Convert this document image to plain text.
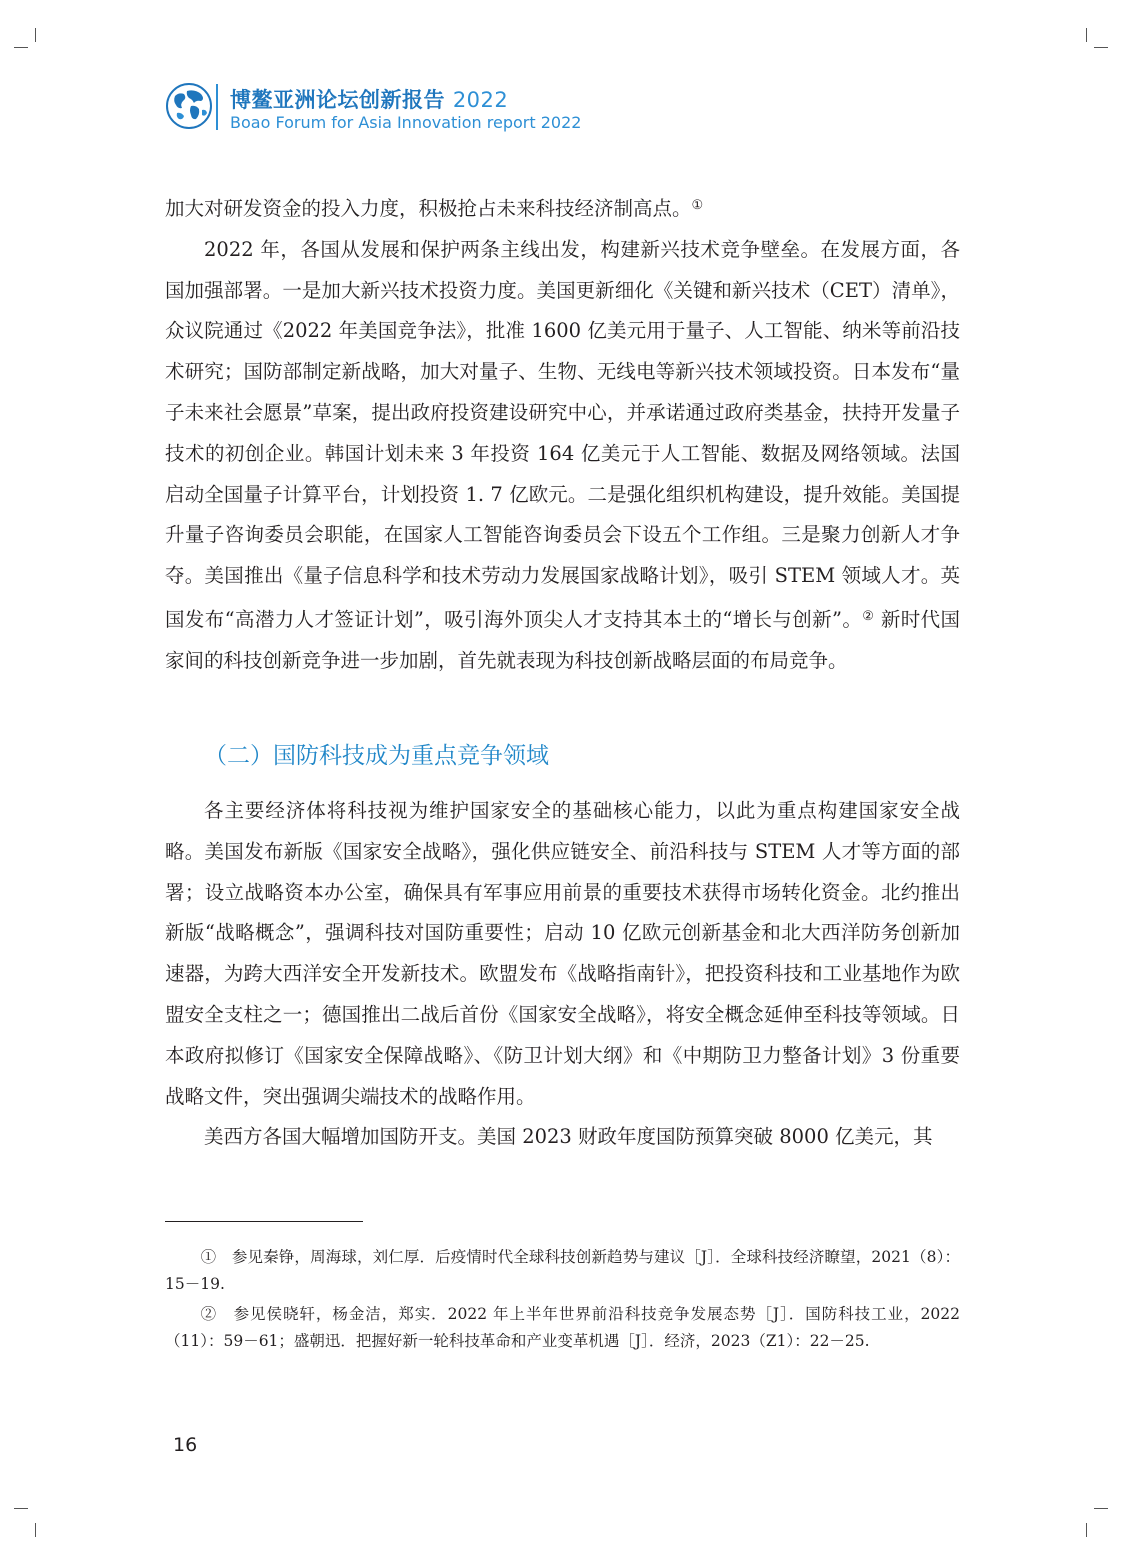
博鳌亚洲论坛创新报告 2022
Boao Forum for Asia Innovation report 2022

加大对研发资金的投入力度，积极抢占未来科技经济制高点。①

2022 年，各国从发展和保护两条主线出发，构建新兴技术竞争壁垒。在发展方面，各国加强部署。一是加大新兴技术投资力度。美国更新细化《关键和新兴技术（CET）清单》，众议院通过《2022 年美国竞争法》，批准 1600 亿美元用于量子、人工智能、纳米等前沿技术研究；国防部制定新战略，加大对量子、生物、无线电等新兴技术领域投资。日本发布“量子未来社会愿景”草案，提出政府投资建设研究中心，并承诺通过政府类基金，扶持开发量子技术的初创企业。韩国计划未来 3 年投资 164 亿美元于人工智能、数据及网络领域。法国启动全国量子计算平台，计划投资 1. 7 亿欧元。二是强化组织机构建设，提升效能。美国提升量子咨询委员会职能，在国家人工智能咨询委员会下设五个工作组。三是聚力创新人才争夺。美国推出《量子信息科学和技术劳动力发展国家战略计划》，吸引 STEM 领域人才。英国发布“高潜力人才签证计划”，吸引海外顶尖人才支持其本土的“增长与创新”。② 新时代国家间的科技创新竞争进一步加剧，首先就表现为科技创新战略层面的布局竞争。

（二）国防科技成为重点竞争领域

各主要经济体将科技视为维护国家安全的基础核心能力，以此为重点构建国家安全战略。美国发布新版《国家安全战略》，强化供应链安全、前沿科技与 STEM 人才等方面的部署；设立战略资本办公室，确保具有军事应用前景的重要技术获得市场转化资金。北约推出新版“战略概念”，强调科技对国防重要性；启动 10 亿欧元创新基金和北大西洋防务创新加速器，为跨大西洋安全开发新技术。欧盟发布《战略指南针》，把投资科技和工业基地作为欧盟安全支柱之一；德国推出二战后首份《国家安全战略》，将安全概念延伸至科技等领域。日本政府拟修订《国家安全保障战略》、《防卫计划大纲》和《中期防卫力整备计划》3 份重要战略文件，突出强调尖端技术的战略作用。

美西方各国大幅增加国防开支。美国 2023 财政年度国防预算突破 8000 亿美元，其

①　参见秦铮，周海球，刘仁厚．后疫情时代全球科技创新趋势与建议［J］．全球科技经济瞭望，2021（8）：15－19.

②　参见侯晓轩，杨金洁，郑实．2022 年上半年世界前沿科技竞争发展态势［J］．国防科技工业，2022（11）：59－61；盛朝迅．把握好新一轮科技革命和产业变革机遇［J］．经济，2023（Z1）：22－25.

16
